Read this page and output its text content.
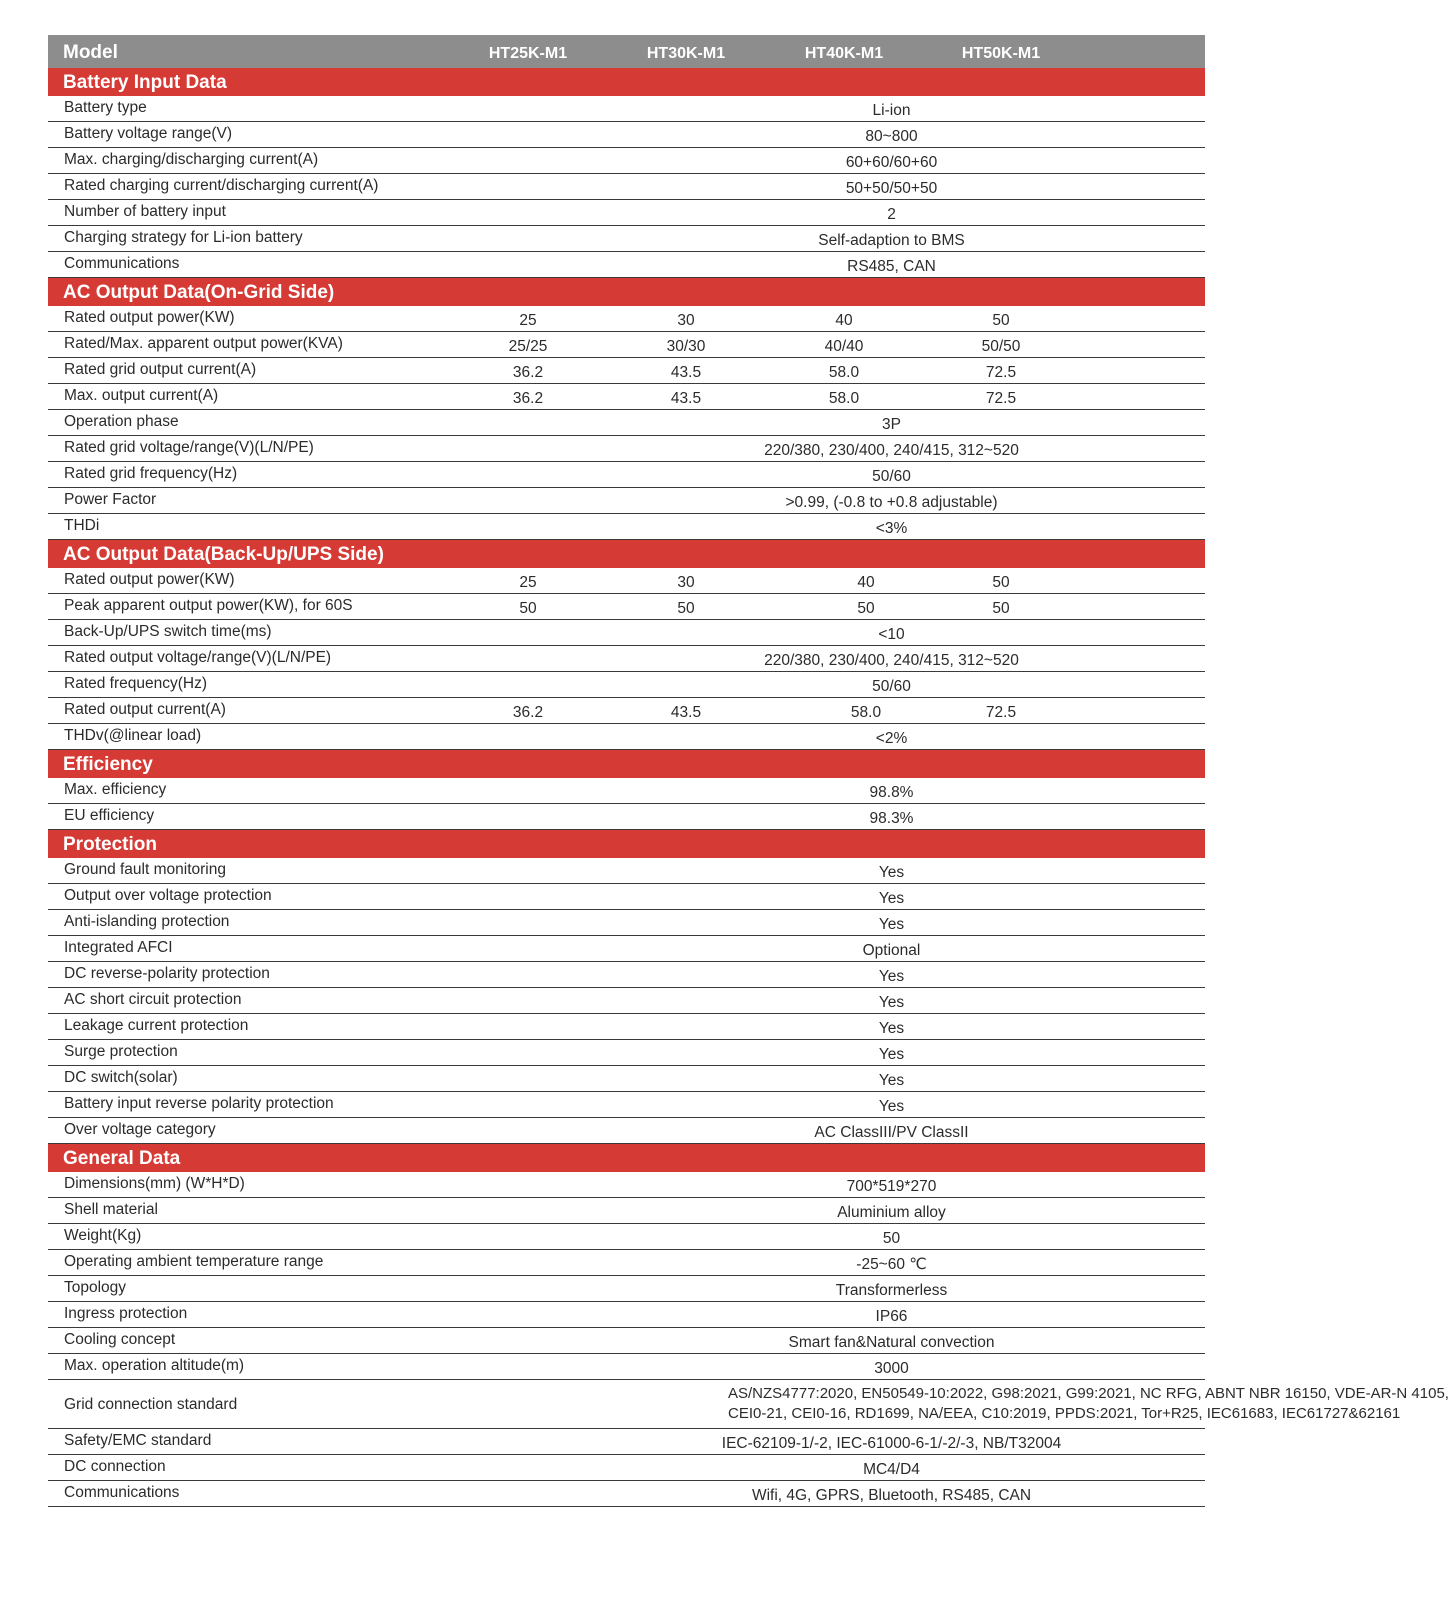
Model	HT25K-M1	HT30K-M1	HT40K-M1	HT50K-M1
Battery Input Data
Battery type	Li-ion
Battery voltage range(V)	80~800
Max. charging/discharging current(A)	60+60/60+60
Rated charging current/discharging current(A)	50+50/50+50
Number of battery input	2
Charging strategy for Li-ion battery	Self-adaption to BMS
Communications	RS485, CAN
AC Output Data(On-Grid Side)
Rated output power(KW)	25	30	40	50
Rated/Max. apparent output power(KVA)	25/25	30/30	40/40	50/50
Rated grid output current(A)	36.2	43.5	58.0	72.5
Max. output current(A)	36.2	43.5	58.0	72.5
Operation phase	3P
Rated grid voltage/range(V)(L/N/PE)	220/380, 230/400, 240/415, 312~520
Rated grid frequency(Hz)	50/60
Power Factor	>0.99, (-0.8 to +0.8 adjustable)
THDi	<3%
AC Output Data(Back-Up/UPS Side)
Rated output power(KW)	25	30	40	50
Peak apparent output power(KW), for 60S	50	50	50	50
Back-Up/UPS switch time(ms)	<10
Rated output voltage/range(V)(L/N/PE)	220/380, 230/400, 240/415, 312~520
Rated frequency(Hz)	50/60
Rated output current(A)	36.2	43.5	58.0	72.5
THDv(@linear load)	<2%
Efficiency
Max. efficiency	98.8%
EU efficiency	98.3%
Protection
Ground fault monitoring	Yes
Output over voltage protection	Yes
Anti-islanding protection	Yes
Integrated AFCI	Optional
DC reverse-polarity protection	Yes
AC short circuit protection	Yes
Leakage current protection	Yes
Surge protection	Yes
DC switch(solar)	Yes
Battery input reverse polarity protection	Yes
Over voltage category	AC ClassIII/PV ClassII
General Data
Dimensions(mm) (W*H*D)	700*519*270
Shell material	Aluminium alloy
Weight(Kg)	50
Operating ambient temperature range	-25~60 ℃
Topology	Transformerless
Ingress protection	IP66
Cooling concept	Smart fan&Natural convection
Max. operation altitude(m)	3000
Grid connection standard
AS/NZS4777:2020, EN50549-10:2022, G98:2021, G99:2021, NC RFG, ABNT NBR 16150, VDE-AR-N 4105,
CEI0-21, CEI0-16, RD1699, NA/EEA, C10:2019, PPDS:2021, Tor+R25, IEC61683, IEC61727&62161
Safety/EMC standard	IEC-62109-1/-2, IEC-61000-6-1/-2/-3, NB/T32004
DC connection	MC4/D4
Communications	Wifi, 4G, GPRS, Bluetooth, RS485, CAN
